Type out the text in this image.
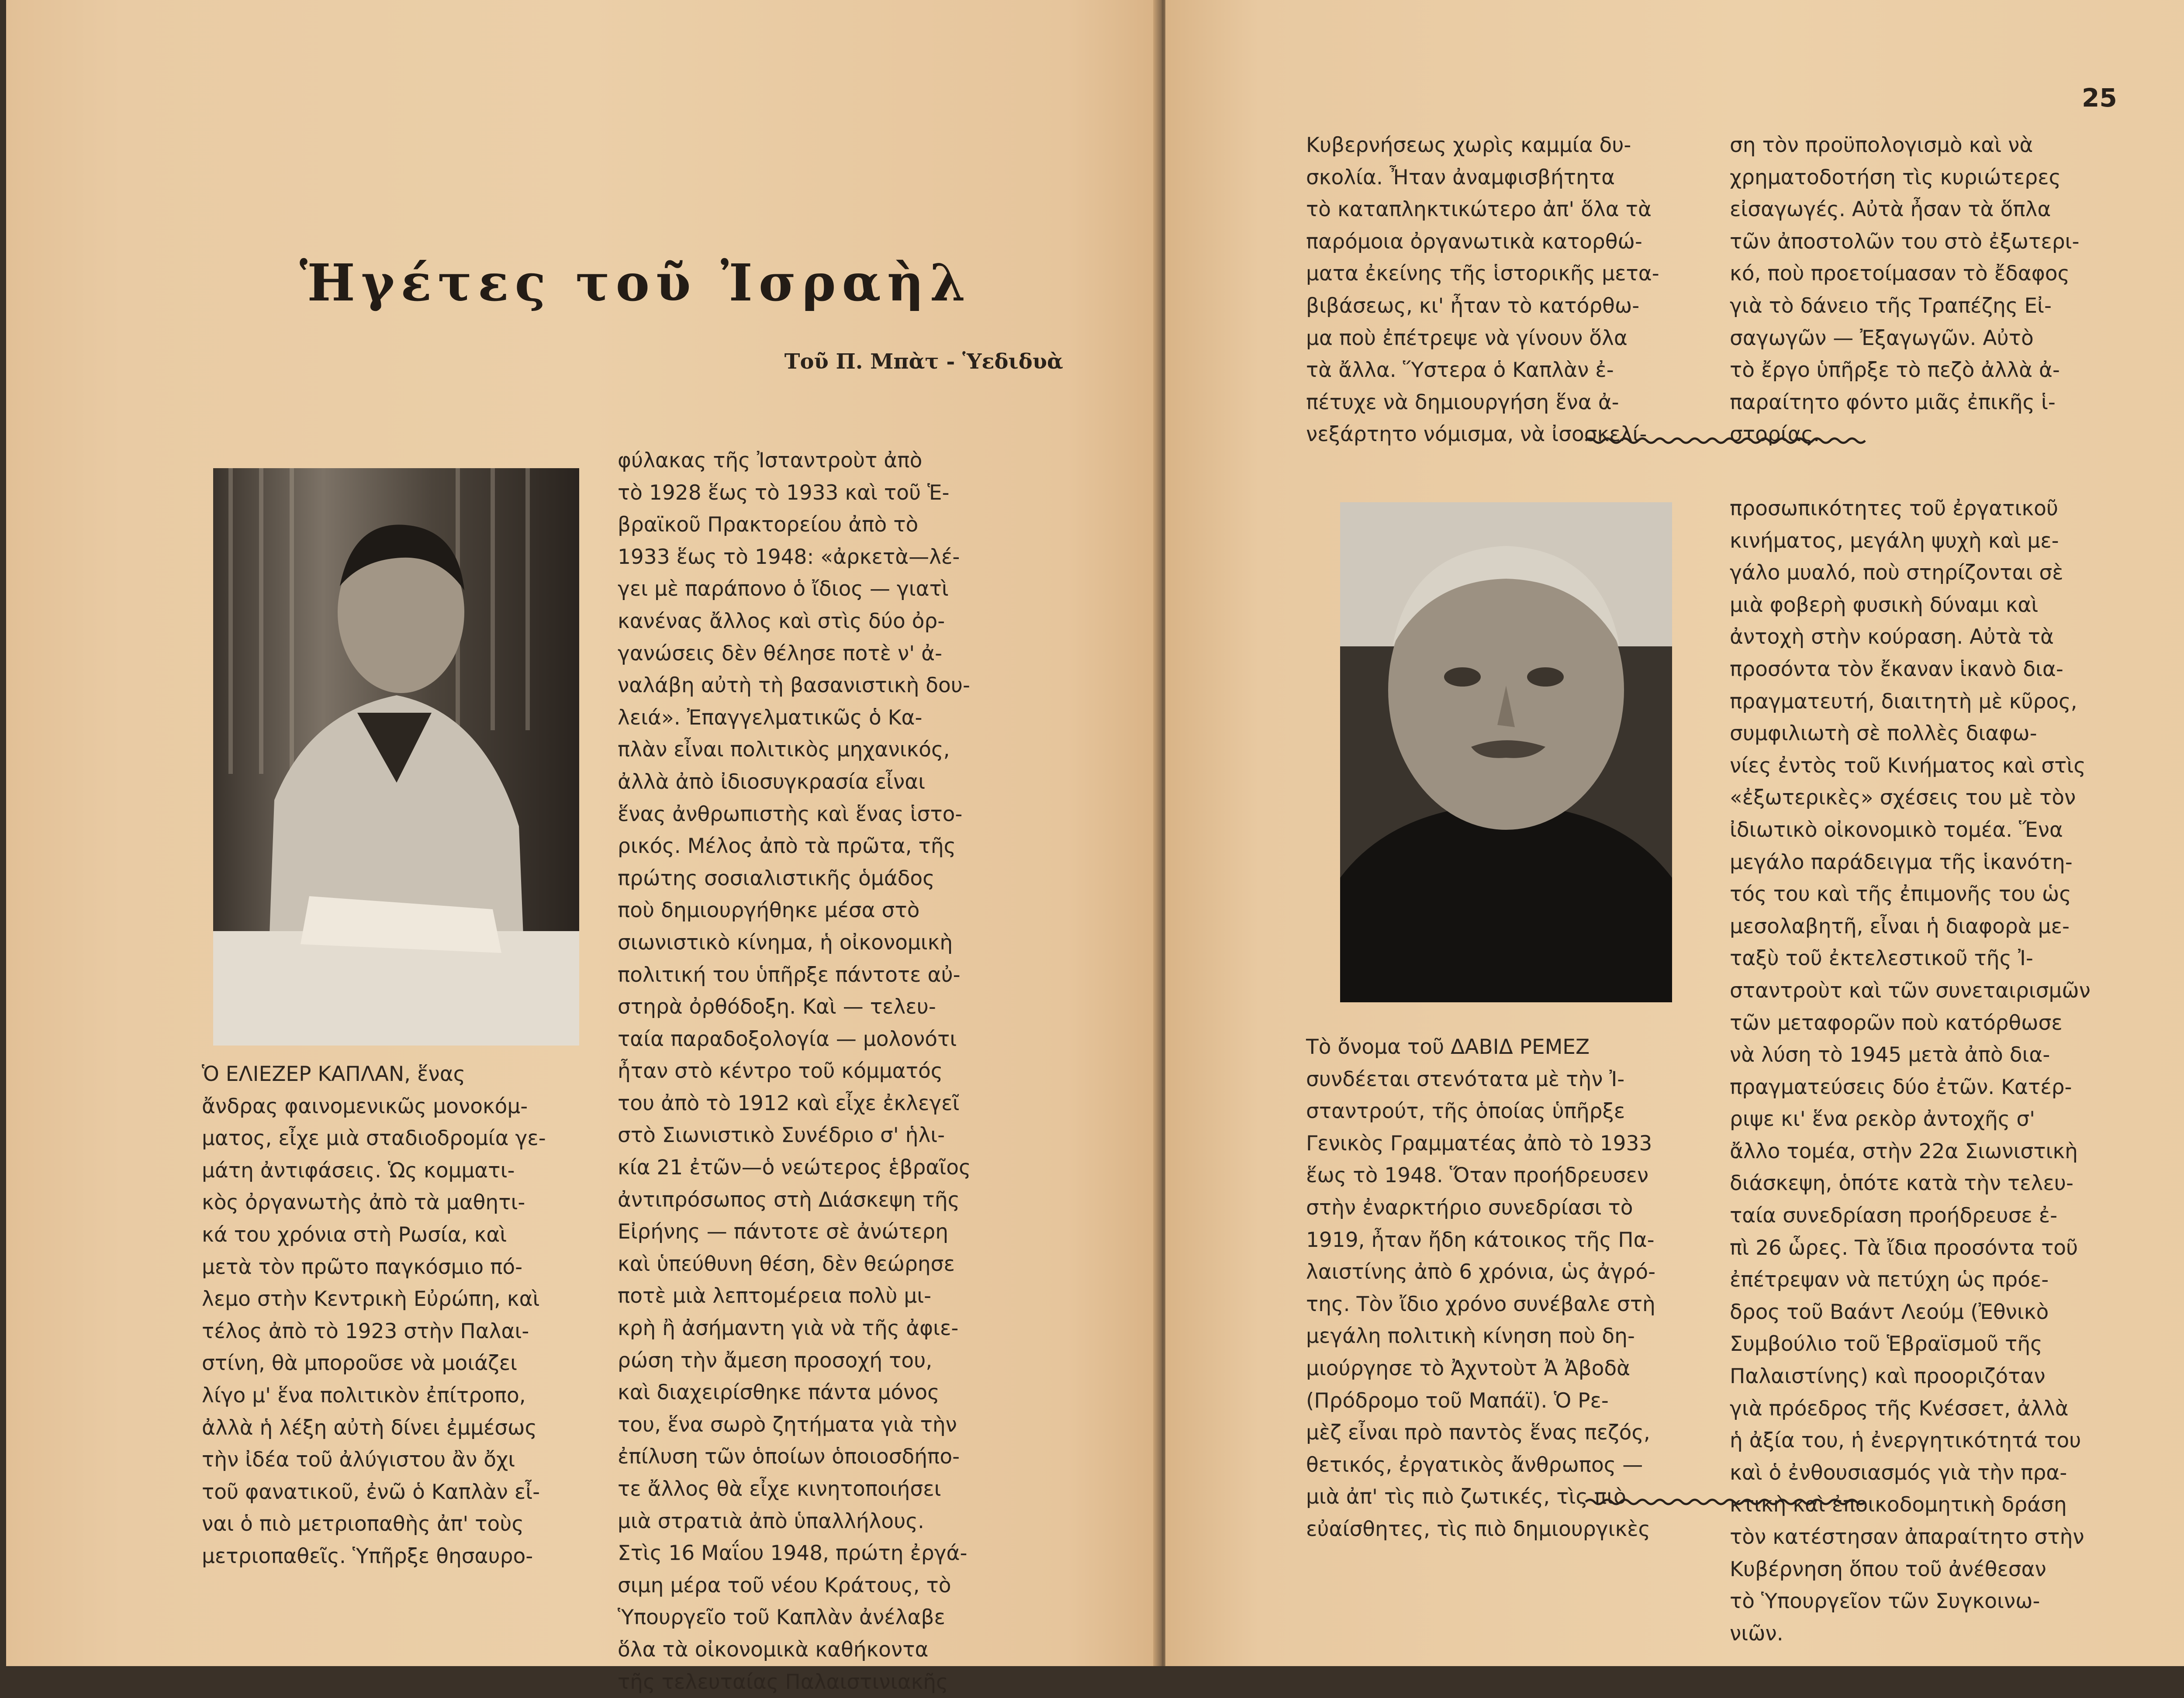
Ἡγέτες τοῦ Ἰσραὴλ
Τοῦ Π. Μπὰτ - Ὑεδιδυὰ
Ὁ ΕΛΙΕΖΕΡ ΚΑΠΛΑΝ, ἕνας
ἄνδρας φαινομενικῶς μονοκόμ-
ματος, εἶχε μιὰ σταδιοδρομία γε-
μάτη ἀντιφάσεις. Ὡς κομματι-
κὸς ὀργανωτὴς ἀπὸ τὰ μαθητι-
κά του χρόνια στὴ Ρωσία, καὶ
μετὰ τὸν πρῶτο παγκόσμιο πό-
λεμο στὴν Κεντρικὴ Εὐρώπη, καὶ
τέλος ἀπὸ τὸ 1923 στὴν Παλαι-
στίνη, θὰ μποροῦσε νὰ μοιάζει
λίγο μ' ἕνα πολιτικὸν ἐπίτροπο,
ἀλλὰ ἡ λέξη αὐτὴ δίνει ἐμμέσως
τὴν ἰδέα τοῦ ἀλύγιστου ἂν ὄχι
τοῦ φανατικοῦ, ἐνῶ ὁ Καπλὰν εἶ-
ναι ὁ πιὸ μετριοπαθὴς ἀπ' τοὺς
μετριοπαθεῖς. Ὑπῆρξε θησαυρο-
φύλακας τῆς Ἰσταντροὺτ ἀπὸ
τὸ 1928 ἕως τὸ 1933 καὶ τοῦ Ἑ-
βραϊκοῦ Πρακτορείου ἀπὸ τὸ
1933 ἕως τὸ 1948: «ἀρκετὰ—λέ-
γει μὲ παράπονο ὁ ἴδιος — γιατὶ
κανένας ἄλλος καὶ στὶς δύο ὀρ-
γανώσεις δὲν θέλησε ποτὲ ν' ἀ-
ναλάβη αὐτὴ τὴ βασανιστικὴ δου-
λειά». Ἐπαγγελματικῶς ὁ Κα-
πλὰν εἶναι πολιτικὸς μηχανικός,
ἀλλὰ ἀπὸ ἰδιοσυγκρασία εἶναι
ἕνας ἀνθρωπιστὴς καὶ ἕνας ἱστο-
ρικός. Μέλος ἀπὸ τὰ πρῶτα, τῆς
πρώτης σοσιαλιστικῆς ὁμάδος
ποὺ δημιουργήθηκε μέσα στὸ
σιωνιστικὸ κίνημα, ἡ οἰκονομικὴ
πολιτική του ὑπῆρξε πάντοτε αὐ-
στηρὰ ὀρθόδοξη. Καὶ — τελευ-
ταία παραδοξολογία — μολονότι
ἦταν στὸ κέντρο τοῦ κόμματός
του ἀπὸ τὸ 1912 καὶ εἶχε ἐκλεγεῖ
στὸ Σιωνιστικὸ Συνέδριο σ' ἡλι-
κία 21 ἐτῶν—ὁ νεώτερος ἑβραῖος
ἀντιπρόσωπος στὴ Διάσκεψη τῆς
Εἰρήνης — πάντοτε σὲ ἀνώτερη
καὶ ὑπεύθυνη θέση, δὲν θεώρησε
ποτὲ μιὰ λεπτομέρεια πολὺ μι-
κρὴ ἢ ἀσήμαντη γιὰ νὰ τῆς ἀφιε-
ρώση τὴν ἄμεση προσοχή του,
καὶ διαχειρίσθηκε πάντα μόνος
του, ἕνα σωρὸ ζητήματα γιὰ τὴν
ἐπίλυση τῶν ὁποίων ὁποιοσδήπο-
τε ἄλλος θὰ εἶχε κινητοποιήσει
μιὰ στρατιὰ ἀπὸ ὑπαλλήλους.
Στὶς 16 Μαΐου 1948, πρώτη ἐργά-
σιμη μέρα τοῦ νέου Κράτους, τὸ
Ὑπουργεῖο τοῦ Καπλὰν ἀνέλαβε
ὅλα τὰ οἰκονομικὰ καθήκοντα
τῆς τελευταίας Παλαιστινιακῆς
25
Κυβερνήσεως χωρὶς καμμία δυ-
σκολία. Ἦταν ἀναμφισβήτητα
τὸ καταπληκτικώτερο ἀπ' ὅλα τὰ
παρόμοια ὀργανωτικὰ κατορθώ-
ματα ἐκείνης τῆς ἱστορικῆς μετα-
βιβάσεως, κι' ἦταν τὸ κατόρθω-
μα ποὺ ἐπέτρεψε νὰ γίνουν ὅλα
τὰ ἄλλα. Ὕστερα ὁ Καπλὰν ἐ-
πέτυχε νὰ δημιουργήση ἕνα ἀ-
νεξάρτητο νόμισμα, νὰ ἰσοσκελί-
ση τὸν προϋπολογισμὸ καὶ νὰ
χρηματοδοτήση τὶς κυριώτερες
εἰσαγωγές. Αὐτὰ ἦσαν τὰ ὅπλα
τῶν ἀποστολῶν του στὸ ἐξωτερι-
κό, ποὺ προετοίμασαν τὸ ἔδαφος
γιὰ τὸ δάνειο τῆς Τραπέζης Εἰ-
σαγωγῶν — Ἐξαγωγῶν. Αὐτὸ
τὸ ἔργο ὑπῆρξε τὸ πεζὸ ἀλλὰ ἀ-
παραίτητο φόντο μιᾶς ἐπικῆς ἱ-
στορίας.
Τὸ ὄνομα τοῦ ΔΑΒΙΔ ΡΕΜΕΖ
συνδέεται στενότατα μὲ τὴν Ἰ-
σταντρούτ, τῆς ὁποίας ὑπῆρξε
Γενικὸς Γραμματέας ἀπὸ τὸ 1933
ἕως τὸ 1948. Ὅταν προήδρευσεν
στὴν ἐναρκτήριο συνεδρίασι τὸ
1919, ἦταν ἤδη κάτοικος τῆς Πα-
λαιστίνης ἀπὸ 6 χρόνια, ὡς ἀγρό-
της. Τὸν ἴδιο χρόνο συνέβαλε στὴ
μεγάλη πολιτικὴ κίνηση ποὺ δη-
μιούργησε τὸ Ἀχντοὺτ Ἀ Ἀβοδὰ
(Πρόδρομο τοῦ Μαπάϊ). Ὁ Ρε-
μὲζ εἶναι πρὸ παντὸς ἕνας πεζός,
θετικός, ἐργατικὸς ἄνθρωπος —
μιὰ ἀπ' τὶς πιὸ ζωτικές, τὶς πιὸ
εὐαίσθητες, τὶς πιὸ δημιουργικὲς
προσωπικότητες τοῦ ἐργατικοῦ
κινήματος, μεγάλη ψυχὴ καὶ με-
γάλο μυαλό, ποὺ στηρίζονται σὲ
μιὰ φοβερὴ φυσικὴ δύναμι καὶ
ἀντοχὴ στὴν κούραση. Αὐτὰ τὰ
προσόντα τὸν ἔκαναν ἱκανὸ δια-
πραγματευτή, διαιτητὴ μὲ κῦρος,
συμφιλιωτὴ σὲ πολλὲς διαφω-
νίες ἐντὸς τοῦ Κινήματος καὶ στὶς
«ἐξωτερικὲς» σχέσεις του μὲ τὸν
ἰδιωτικὸ οἰκονομικὸ τομέα. Ἕνα
μεγάλο παράδειγμα τῆς ἱκανότη-
τός του καὶ τῆς ἐπιμονῆς του ὡς
μεσολαβητῆ, εἶναι ἡ διαφορὰ με-
ταξὺ τοῦ ἐκτελεστικοῦ τῆς Ἰ-
σταντροὺτ καὶ τῶν συνεταιρισμῶν
τῶν μεταφορῶν ποὺ κατόρθωσε
νὰ λύση τὸ 1945 μετὰ ἀπὸ δια-
πραγματεύσεις δύο ἐτῶν. Κατέρ-
ριψε κι' ἕνα ρεκὸρ ἀντοχῆς σ'
ἄλλο τομέα, στὴν 22α Σιωνιστικὴ
διάσκεψη, ὁπότε κατὰ τὴν τελευ-
ταία συνεδρίαση προήδρευσε ἐ-
πὶ 26 ὧρες. Τὰ ἴδια προσόντα τοῦ
ἐπέτρεψαν νὰ πετύχη ὡς πρόε-
δρος τοῦ Βαάντ Λεούμ (Ἐθνικὸ
Συμβούλιο τοῦ Ἑβραϊσμοῦ τῆς
Παλαιστίνης) καὶ προοριζόταν
γιὰ πρόεδρος τῆς Κνέσσετ, ἀλλὰ
ἡ ἀξία του, ἡ ἐνεργητικότητά του
καὶ ὁ ἐνθουσιασμός γιὰ τὴν πρα-
κτικὴ καὶ ἐποικοδομητικὴ δράση
τὸν κατέστησαν ἀπαραίτητο στὴν
Κυβέρνηση ὅπου τοῦ ἀνέθεσαν
τὸ Ὑπουργεῖον τῶν Συγκοινω-
νιῶν.
